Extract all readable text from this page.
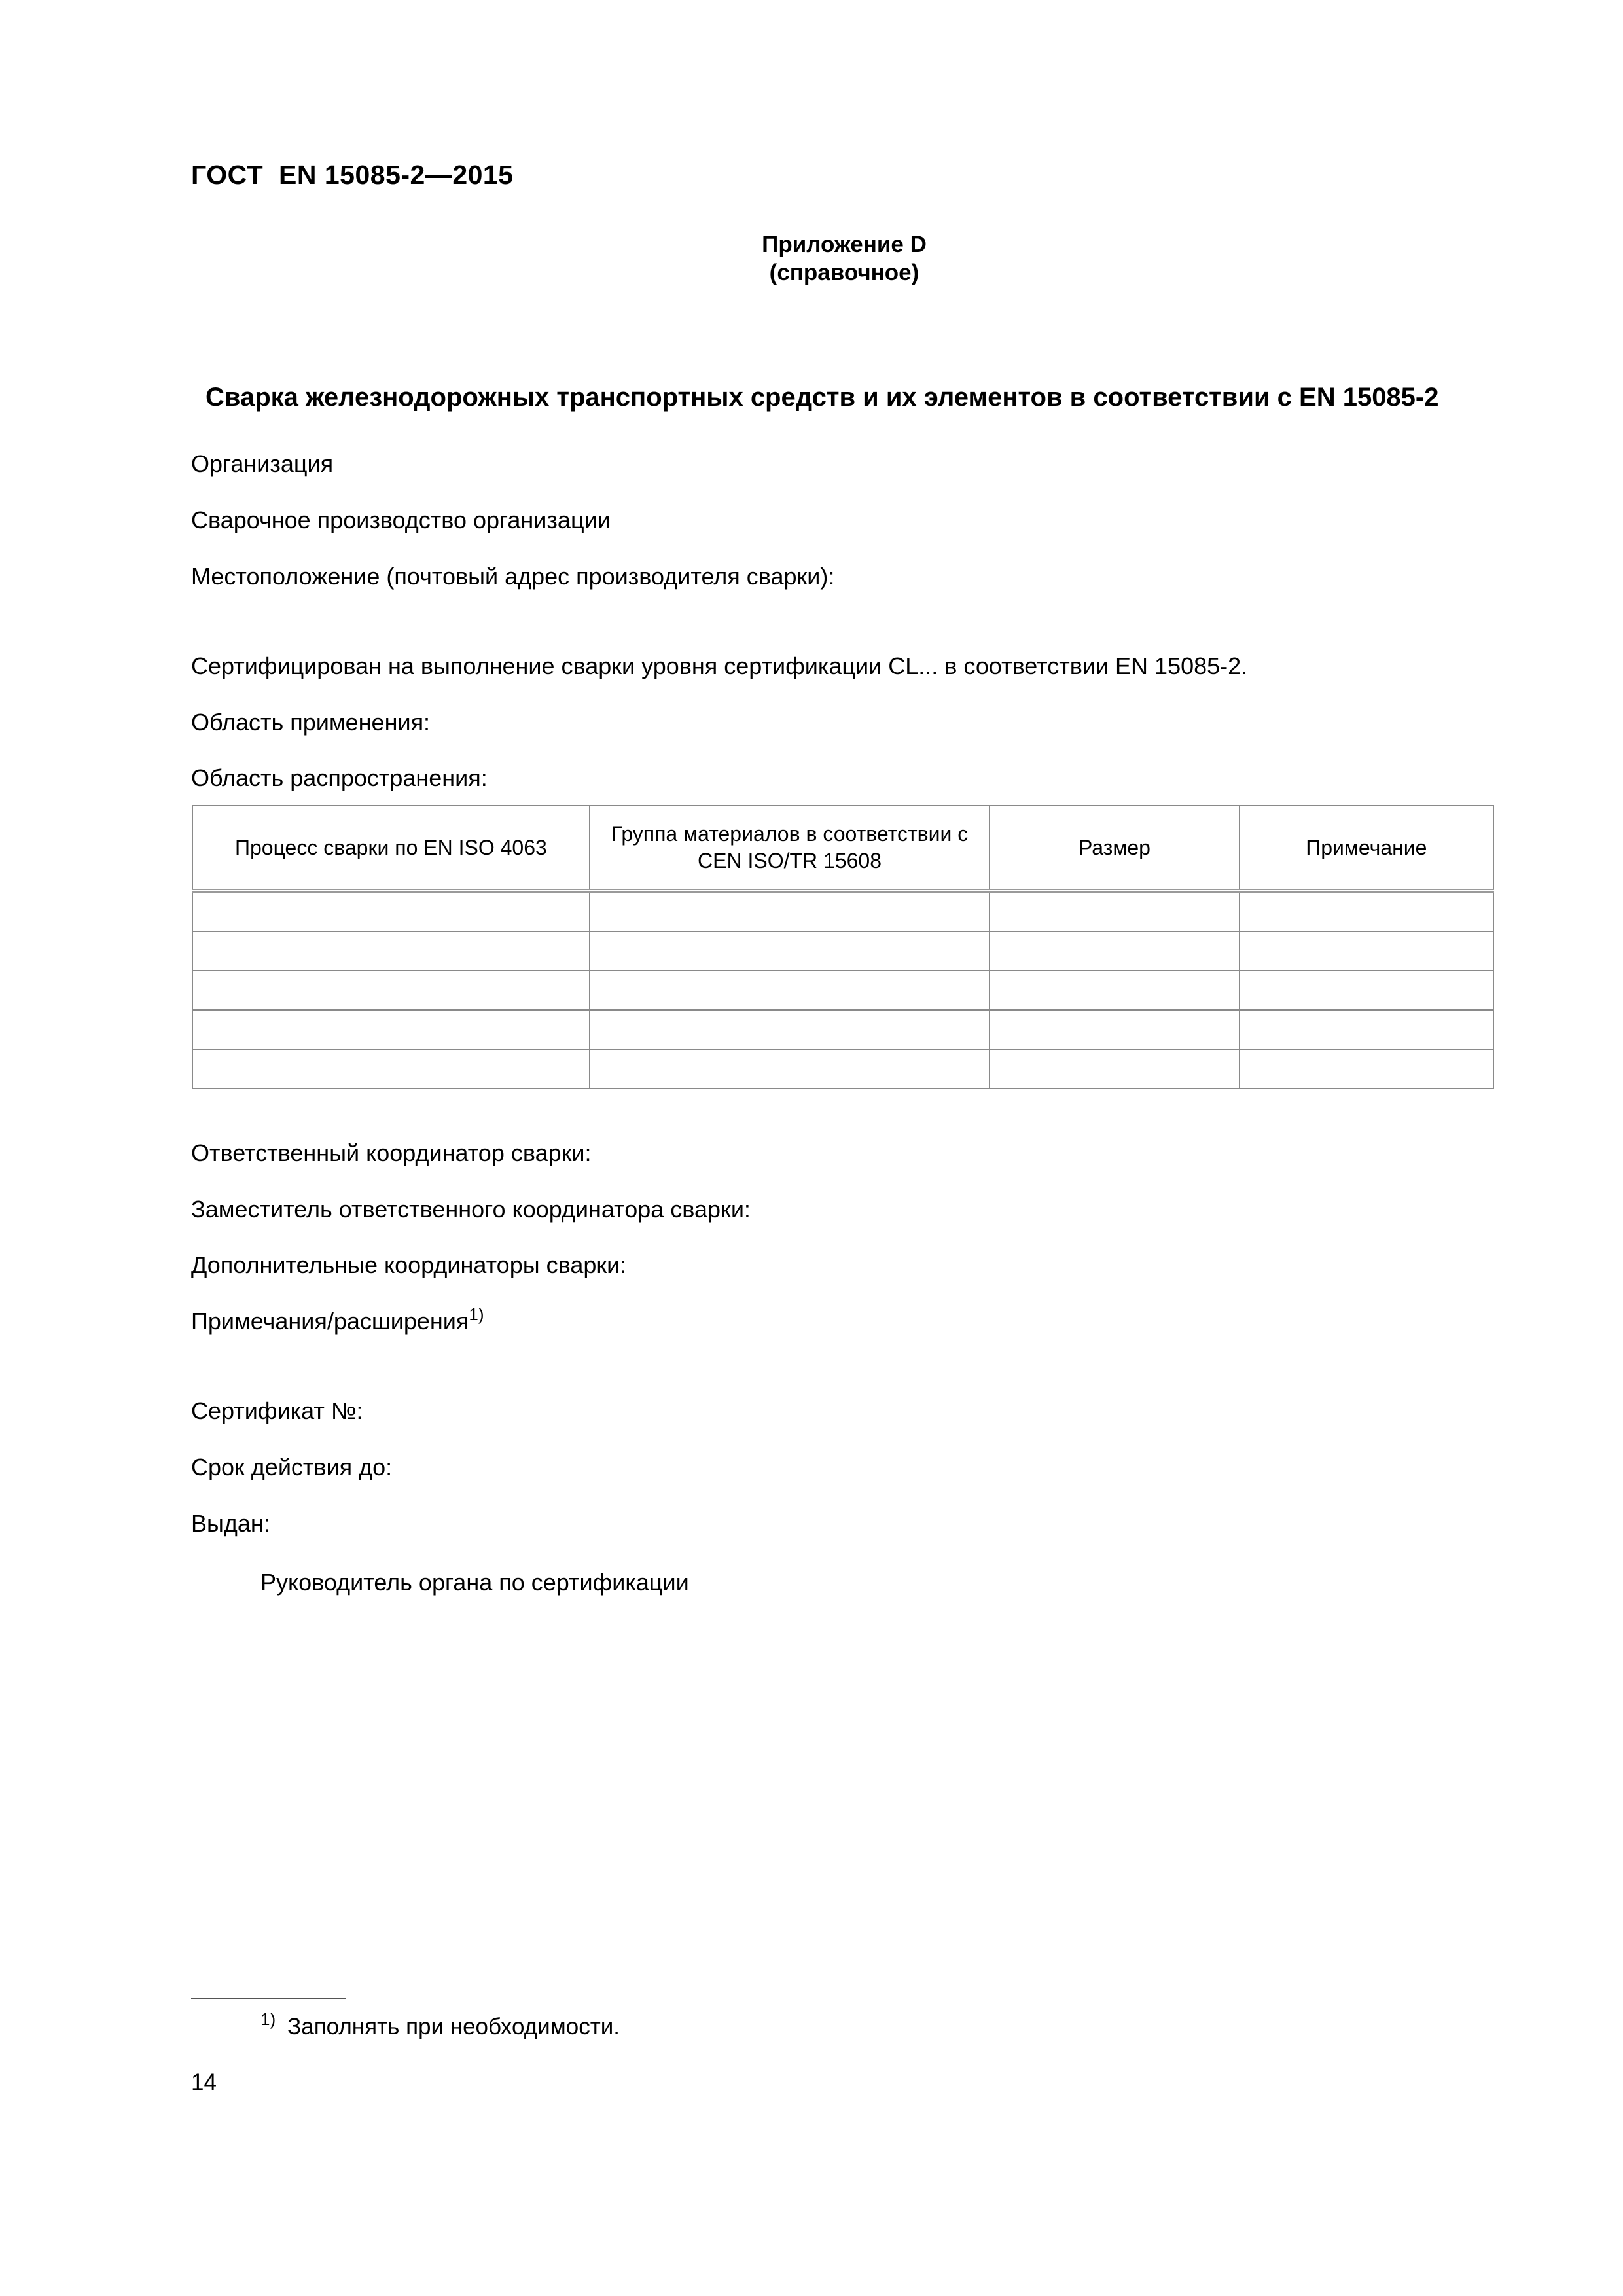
ГОСТ  EN 15085-2—2015
Приложение D
(справочное)
Сварка железнодорожных транспортных средств и их элементов в соответствии с EN 15085-2
Организация
Сварочное производство организации
Местоположение (почтовый адрес производителя сварки):
Сертифицирован на выполнение сварки уровня сертификации CL... в соответствии EN 15085-2.
Область применения:
Область распространения:
Процесс сварки по EN ISO 4063	Группа материалов в соответствии с CEN ISO/TR 15608	Размер	Примечание

Ответственный координатор сварки:
Заместитель ответственного координатора сварки:
Дополнительные координаторы сварки:
Примечания/расширения$^{1)}$
Сертификат №:
Срок действия до:
Выдан:
Руководитель органа по сертификации
$^{1)}$ Заполнять при необходимости.
14
